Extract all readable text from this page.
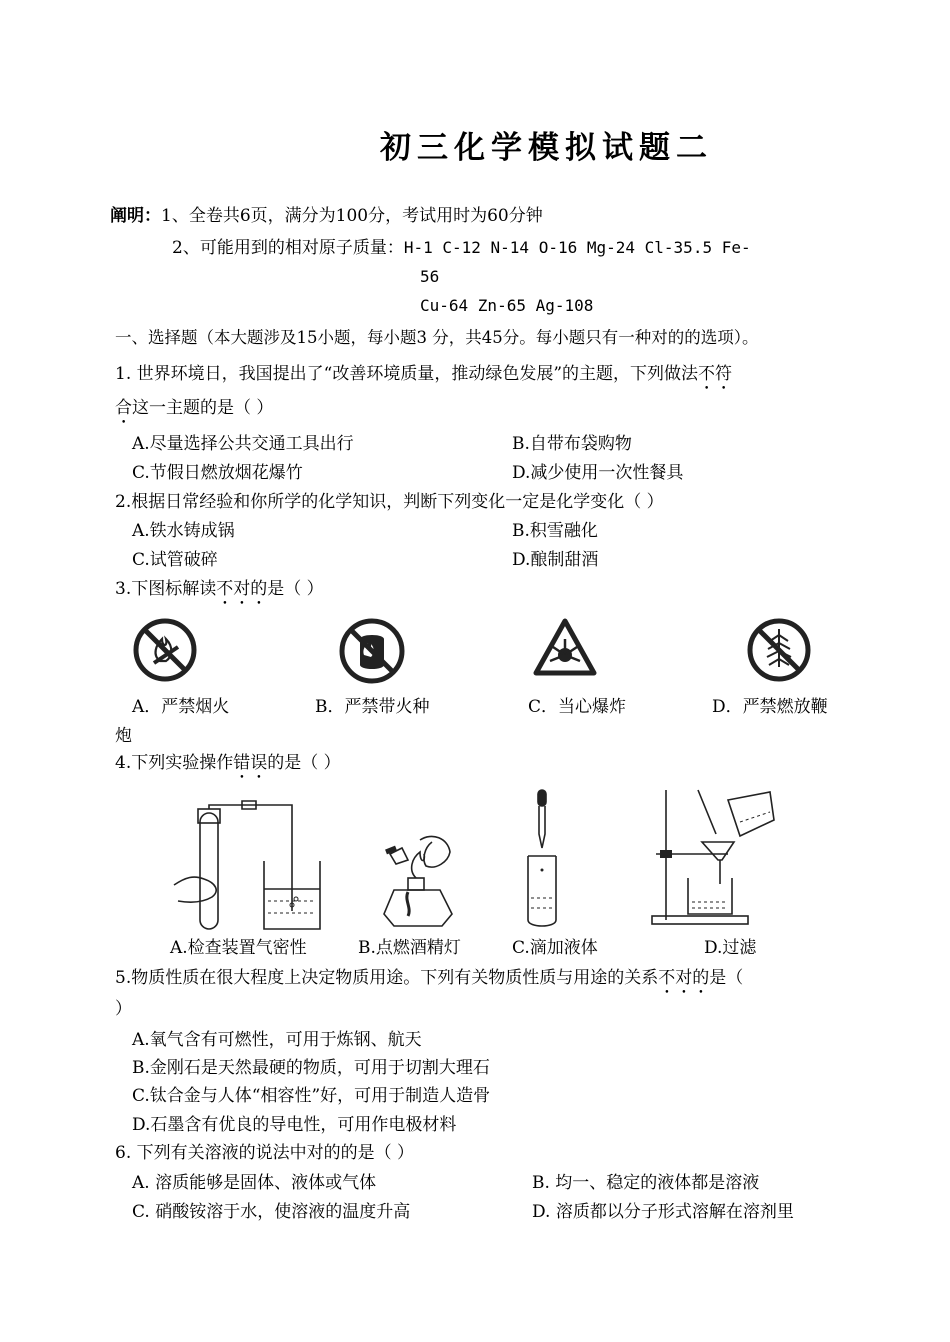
初三化学模拟试题二
阐明：1、全卷共6页，满分为100分，考试用时为60分钟
2、可能用到的相对原子质量：H-1 C-12 N-14 O-16 Mg-24 Cl-35.5 Fe-
56
Cu-64 Zn-65 Ag-108
一、选择题（本大题涉及15小题，每小题3 分，共45分。每小题只有一种对的的选项）。
1. 世界环境日，我国提出了“改善环境质量，推动绿色发展”的主题，下列做法不符
合这一主题的是（ ）
A.尽量选择公共交通工具出行	B.自带布袋购物
C.节假日燃放烟花爆竹	D.减少使用一次性餐具
2.根据日常经验和你所学的化学知识，判断下列变化一定是化学变化（ ）
A.铁水铸成锅	B.积雪融化
C.试管破碎	D.酿制甜酒
3.下图标解读不对的是（ ）
A．严禁烟火	B．严禁带火种	C．当心爆炸	D．严禁燃放鞭
炮
4.下列实验操作错误的是（ ）
A.检查装置气密性	B.点燃酒精灯	C.滴加液体	D.过滤
5.物质性质在很大程度上决定物质用途。下列有关物质性质与用途的关系不对的是（
）
A.氧气含有可燃性，可用于炼钢、航天
B.金刚石是天然最硬的物质，可用于切割大理石
C.钛合金与人体“相容性”好，可用于制造人造骨
D.石墨含有优良的导电性，可用作电极材料
6. 下列有关溶液的说法中对的的是（ ）
A. 溶质能够是固体、液体或气体	B. 均一、稳定的液体都是溶液
C. 硝酸铵溶于水，使溶液的温度升高	D. 溶质都以分子形式溶解在溶剂里
